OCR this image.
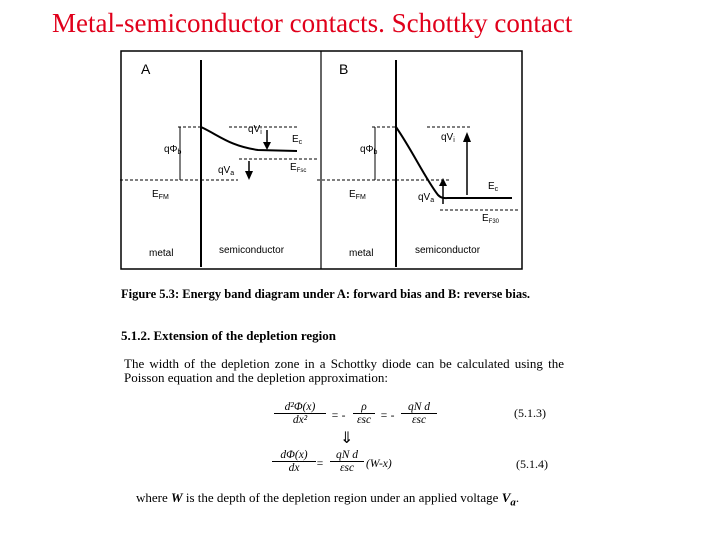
Metal-semiconductor contacts. Schottky contact
A
$qV_i$
$q\Phi_b$
$E_c$
$qV_a$
$E_{Fsc}$
$E_{FM}$
metal	semiconductor
B
$qV_i$
$q\Phi_b$
$E_c$
$qV_a$
$E_{F30}$
$E_{FM}$
metal	semiconductor
Figure 5.3: Energy band diagram under A: forward bias and B: reverse bias.
5.1.2. Extension of the depletion region
The width of the depletion zone in a Schottky diode can be calculated using the Poisson equation and the depletion approximation:
$\frac{\text{d²Φ(x)}}{\text{dx²}}$ = -
ρ
εsc = -
qN d
εsc	(5.1.3)
⇓
$\frac{d\Phi(x)}{dx}$ =
qN d
εsc	(W-x)	(5.1.4)
where W is the depth of the depletion region under an applied voltage $V_a$.
